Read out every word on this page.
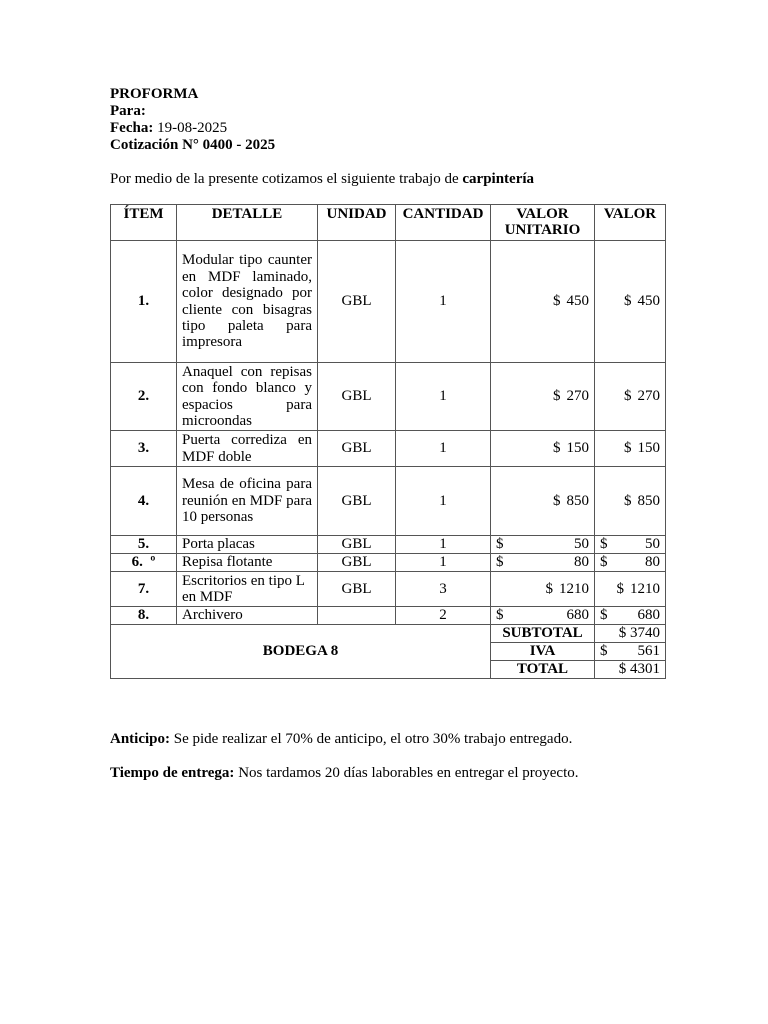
PROFORMA
Para:
Fecha: 19-08-2025
Cotización N° 0400 - 2025
Por medio de la presente cotizamos el siguiente trabajo de carpintería
ÍTEM	DETALLE	UNIDAD	CANTIDAD	VALOR UNITARIO	VALOR
1.	Modular tipo caunter en MDF laminado, color designado por cliente con bisagras tipo paleta para impresora	GBL	1	$ 450	$ 450

2.	Anaquel con repisas con fondo blanco y espacios para microondas	GBL	1	$ 270	$ 270

3.	Puerta corrediza en MDF doble	GBL	1	$ 150	$ 150

4.	Mesa de oficina para reunión en MDF para 10 personas	GBL	1	$ 850	$ 850

5.	Porta placas	GBL	1	$ 50	$ 50

6.  º	Repisa flotante	GBL	1	$ 80	$ 80

7.	Escritorios en tipo L en MDF	GBL	3	$ 1210	$ 1210

8.	Archivero		2	$ 680	$ 680

BODEGA 8				SUBTOTAL	$ 3740
				IVA	$ 561

				TOTAL	$ 4301
Anticipo: Se pide realizar el 70% de anticipo, el otro 30% trabajo entregado.
Tiempo de entrega: Nos tardamos 20 días laborables en entregar el proyecto.
